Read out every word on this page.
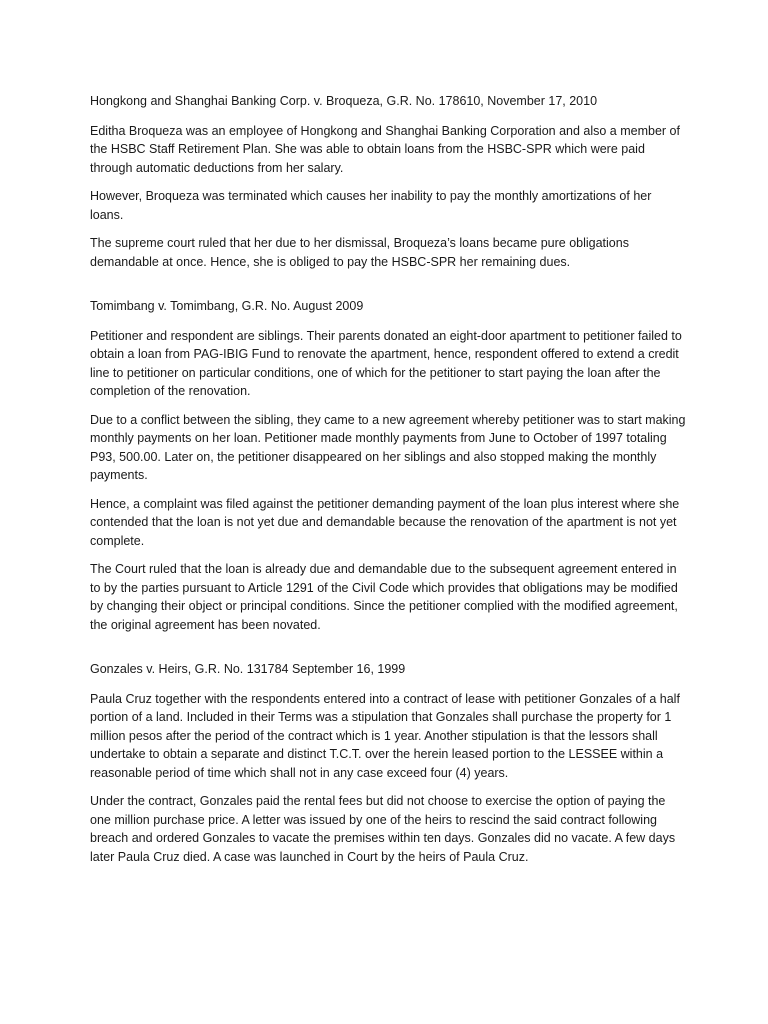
Hongkong and Shanghai Banking Corp. v. Broqueza, G.R. No. 178610, November 17, 2010

Editha Broqueza was an employee of Hongkong and Shanghai Banking Corporation and also a member of the HSBC Staff Retirement Plan. She was able to obtain loans from the HSBC-SPR which were paid through automatic deductions from her salary.

However, Broqueza was terminated which causes her inability to pay the monthly amortizations of her loans.

The supreme court ruled that her due to her dismissal, Broqueza’s loans became pure obligations demandable at once. Hence, she is obliged to pay the HSBC-SPR her remaining dues.

Tomimbang v. Tomimbang, G.R. No. August 2009

Petitioner and respondent are siblings. Their parents donated an eight-door apartment to petitioner failed to obtain a loan from PAG-IBIG Fund to renovate the apartment, hence, respondent offered to extend a credit line to petitioner on particular conditions, one of which for the petitioner to start paying the loan after the completion of the renovation.

Due to a conflict between the sibling, they came to a new agreement whereby petitioner was to start making monthly payments on her loan. Petitioner made monthly payments from June to October of 1997 totaling P93, 500.00. Later on, the petitioner disappeared on her siblings and also stopped making the monthly payments.

Hence, a complaint was filed against the petitioner demanding payment of the loan plus interest where she contended that the loan is not yet due and demandable because the renovation of the apartment is not yet complete.

The Court ruled that the loan is already due and demandable due to the subsequent agreement entered in to by the parties pursuant to Article 1291 of the Civil Code which provides that obligations may be modified by changing their object or principal conditions. Since the petitioner complied with the modified agreement, the original agreement has been novated.

Gonzales v. Heirs, G.R. No. 131784 September 16, 1999

Paula Cruz together with the respondents entered into a contract of lease with petitioner Gonzales of a half portion of a land. Included in their Terms was a stipulation that Gonzales shall purchase the property for 1 million pesos after the period of the contract which is 1 year. Another stipulation is that the lessors shall undertake to obtain a separate and distinct T.C.T. over the herein leased portion to the LESSEE within a reasonable period of time which shall not in any case exceed four (4) years.

Under the contract, Gonzales paid the rental fees but did not choose to exercise the option of paying the one million purchase price. A letter was issued by one of the heirs to rescind the said contract following breach and ordered Gonzales to vacate the premises within ten days. Gonzales did no vacate. A few days later Paula Cruz died. A case was launched in Court by the heirs of Paula Cruz.
